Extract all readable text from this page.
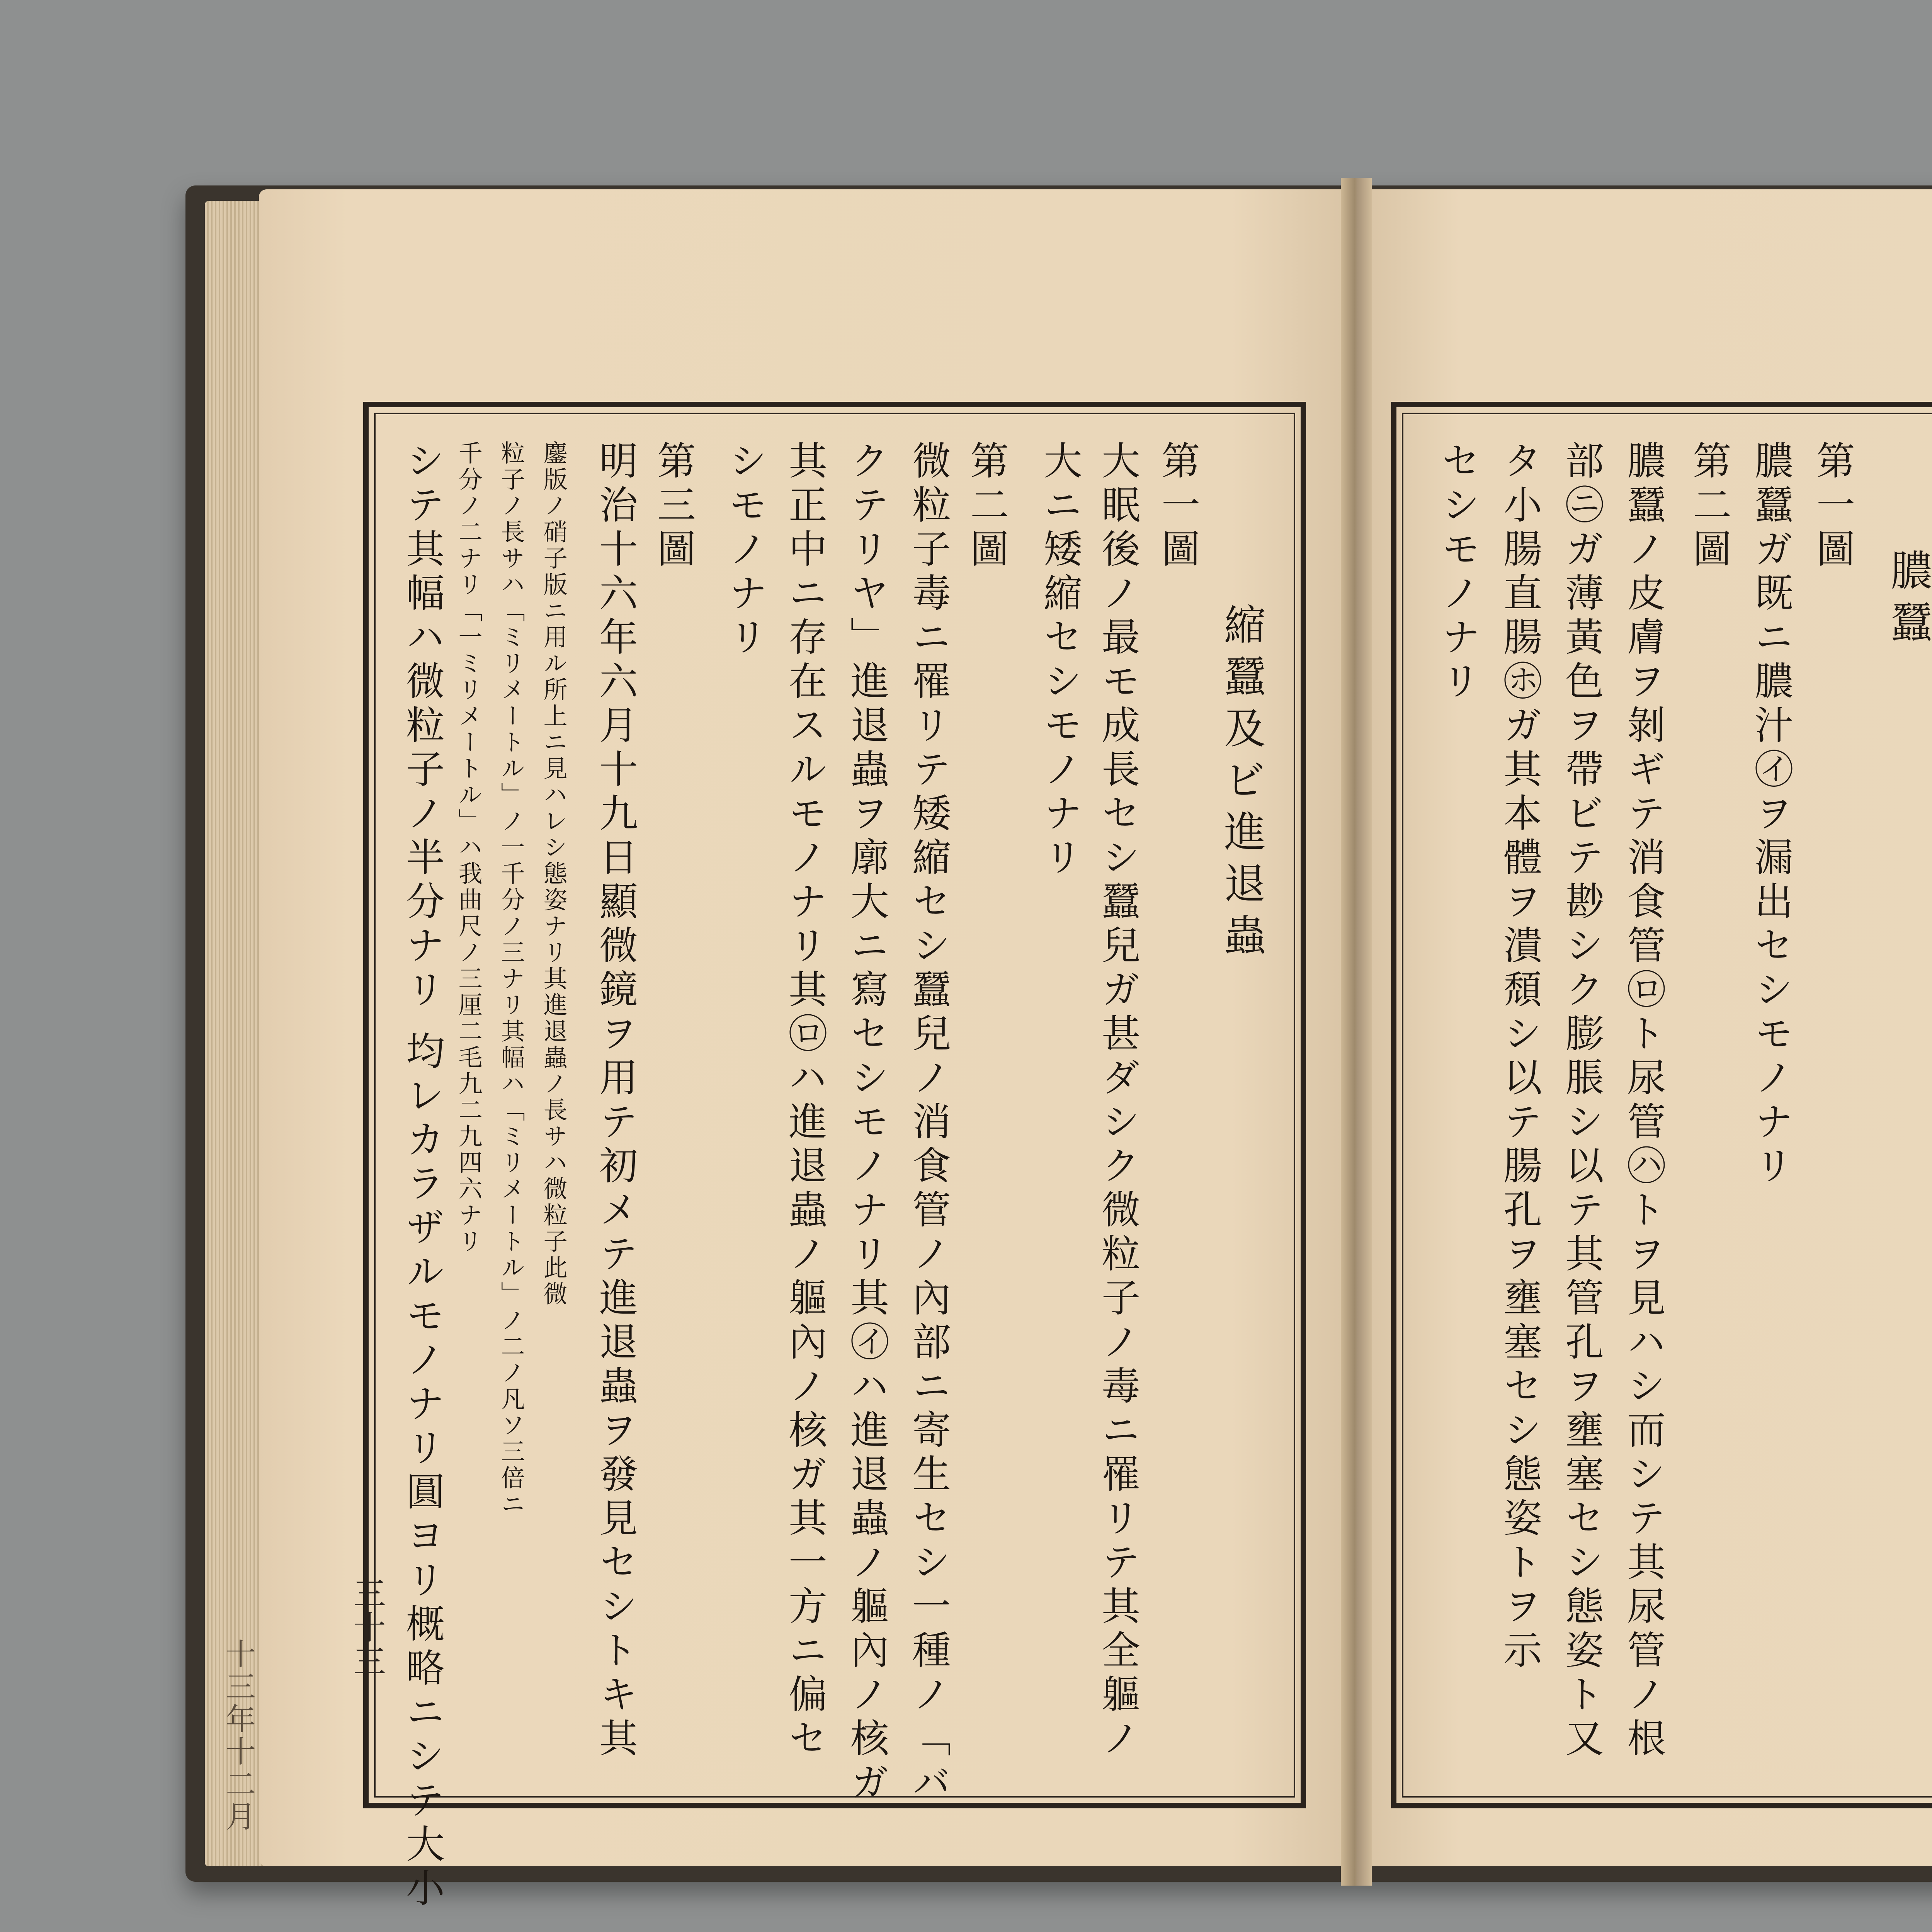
縮蠶及ビ進退蟲
第一圖
大眠後ノ最モ成長セシ蠶兒ガ甚ダシク微粒子ノ毒ニ罹リテ其全軀ノ
大ニ矮縮セシモノナリ
第二圖
微粒子毒ニ罹リテ矮縮セシ蠶兒ノ消食管ノ內部ニ寄生セシ一種ノ「バ
クテリヤ」進退蟲ヲ廓大ニ寫セシモノナリ其㋑ハ進退蟲ノ軀內ノ核ガ
其正中ニ存在スルモノナリ其㋺ハ進退蟲ノ軀內ノ核ガ其一方ニ偏セ
シモノナリ
第三圖
明治十六年六月十九日顯微鏡ヲ用テ初メテ進退蟲ヲ發見セシトキ其
鏖版ノ硝子版ニ用ル所上ニ見ハレシ態姿ナリ其進退蟲ノ長サハ微粒子此微
粒子ノ長サハ「ミリメートル」ノ一千分ノ三ナリ其幅ハ「ミリメートル」ノ二ノ凡ソ三倍ニ
千分ノ二ナリ「一ミリメートル」ハ我曲尺ノ三厘二毛九二九四六ナリ
シテ其幅ハ微粒子ノ半分ナリ 均レカラザルモノナリ圓ヨリ概略ニシテ大小
三十三
十三年十二月
膿蠶
第一圖
膿蠶ガ既ニ膿汁㋑ヲ漏出セシモノナリ
第二圖
膿蠶ノ皮膚ヲ剝ギテ消食管㋺ト尿管㋩トヲ見ハシ而シテ其尿管ノ根
部㋥ガ薄黃色ヲ帶ビテ尠シク膨脹シ以テ其管孔ヲ壅塞セシ態姿ト又
タ小腸直腸㋭ガ其本體ヲ潰頹シ以テ腸孔ヲ壅塞セシ態姿トヲ示
セシモノナリ
